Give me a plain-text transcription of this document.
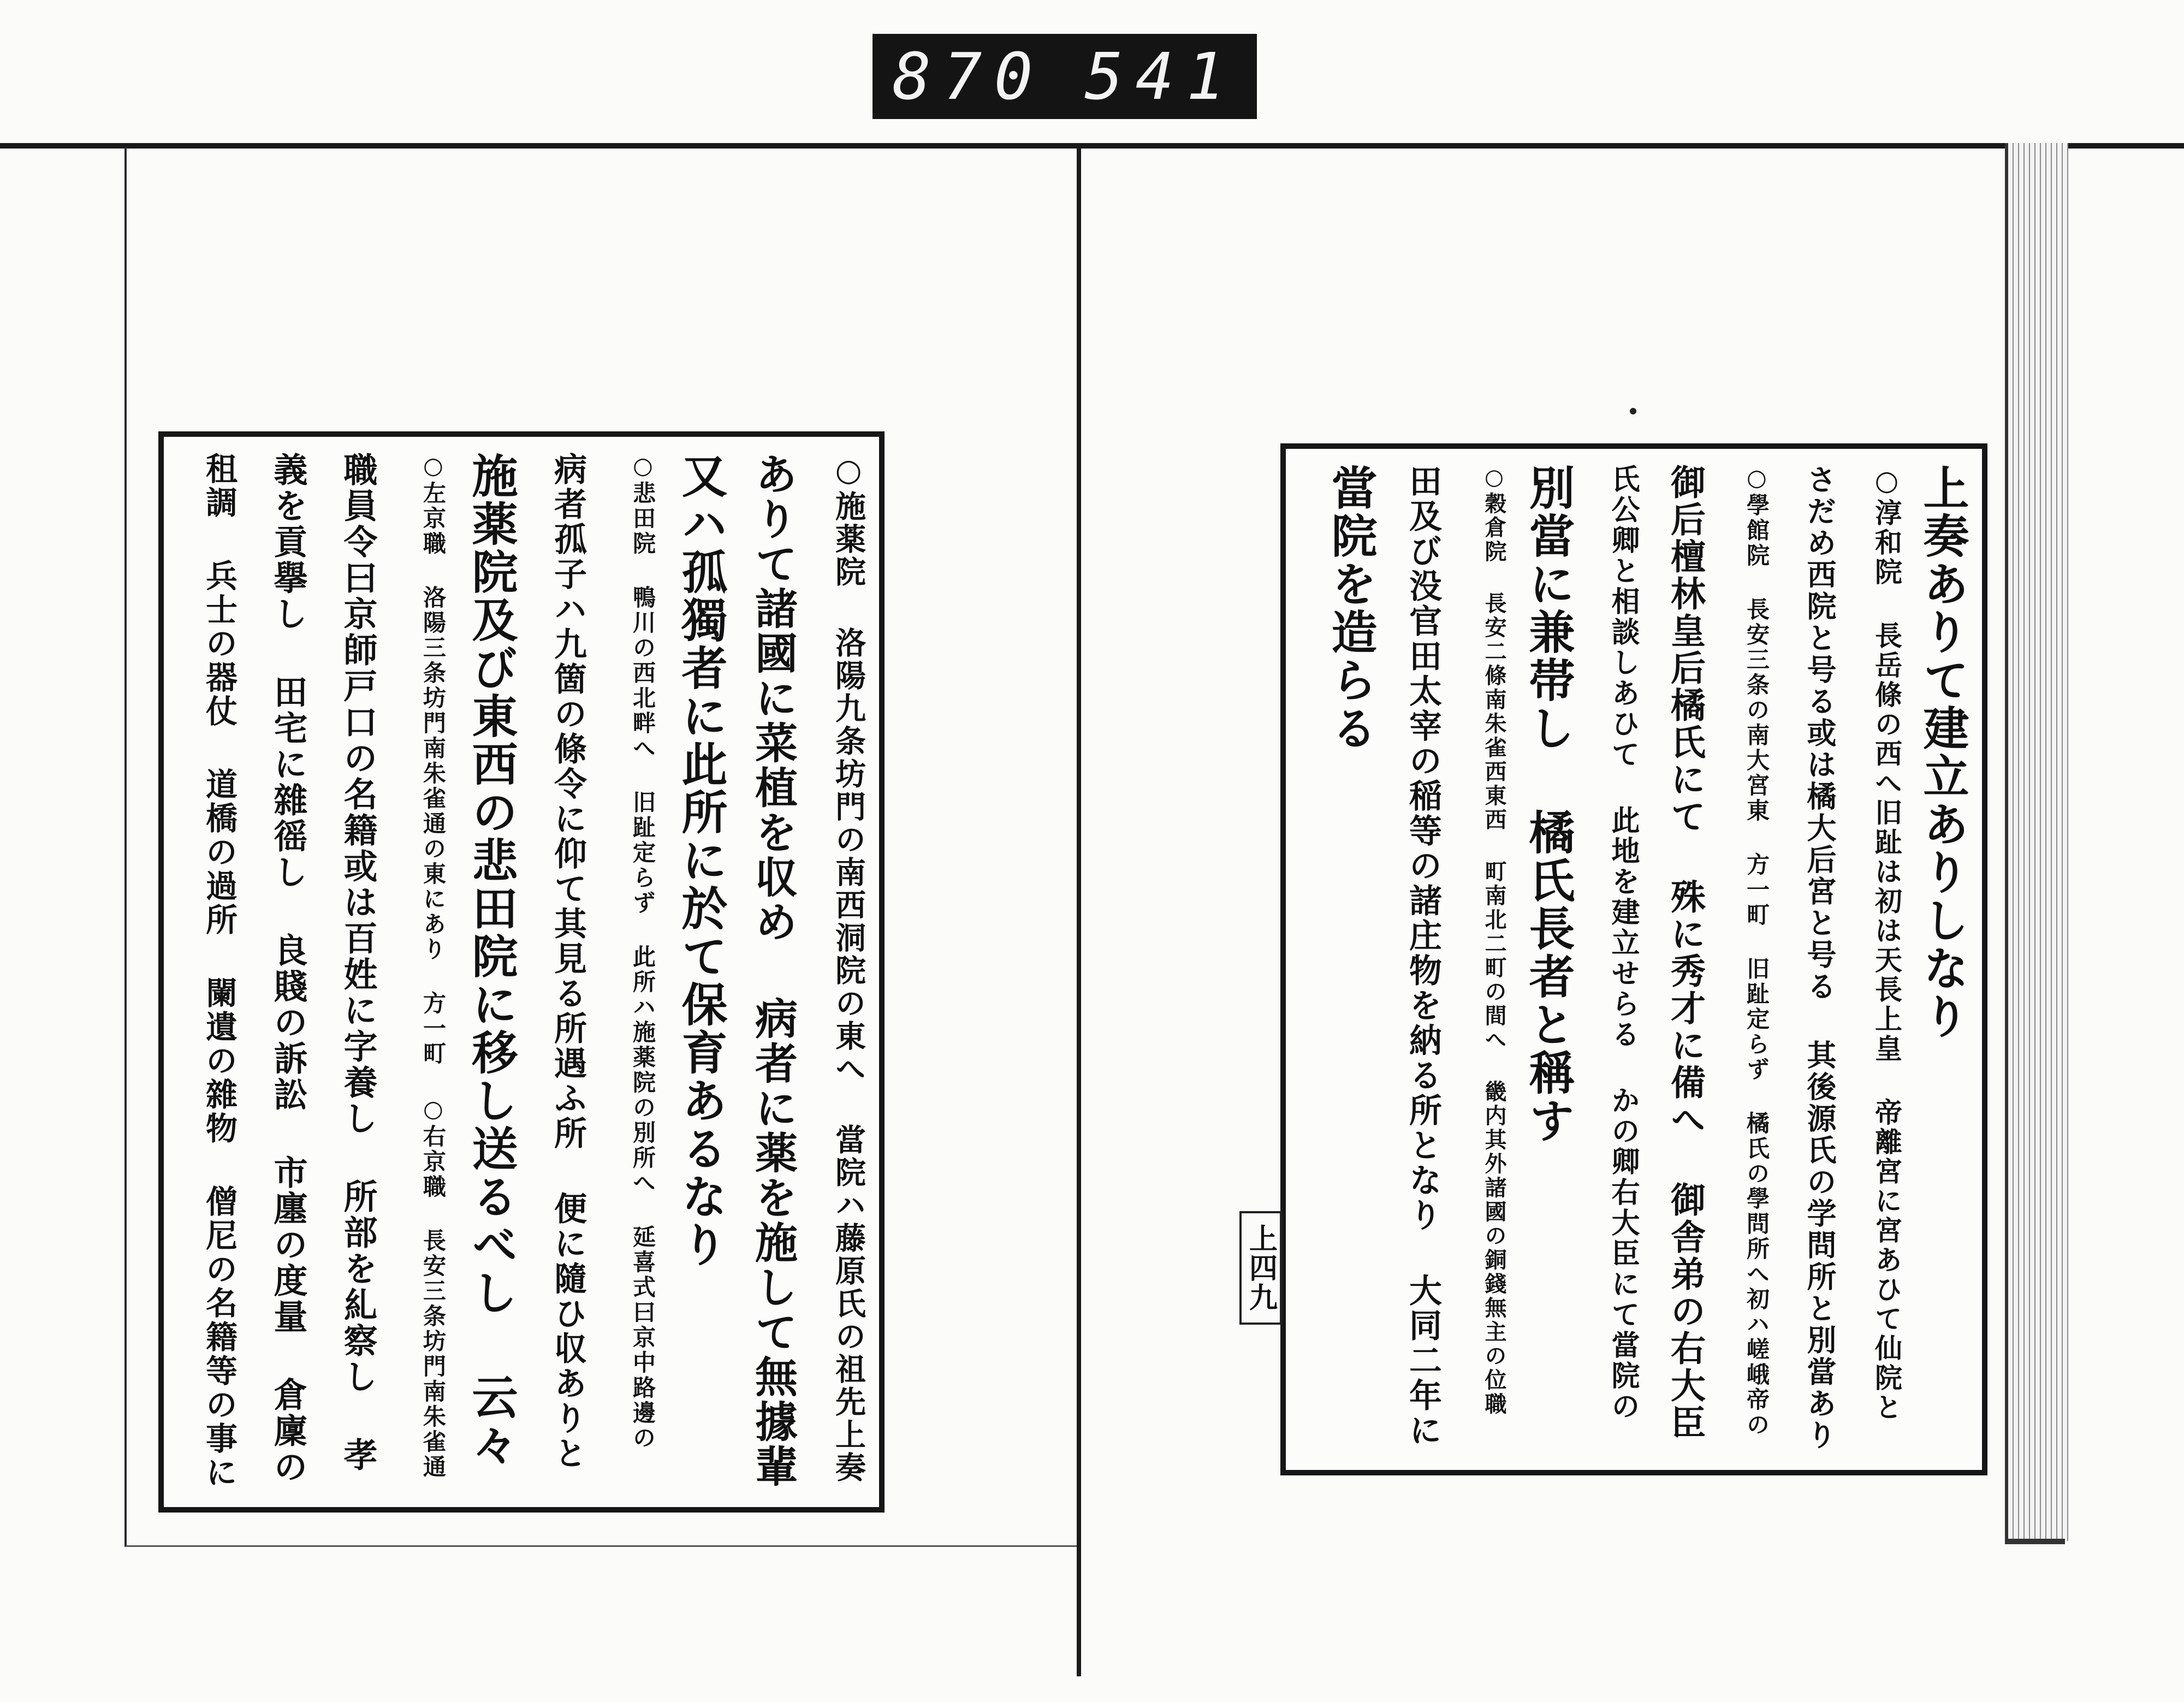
870 541
上奏ありて建立ありしなり
○淳和院 長岳條の西へ旧趾は初は天長上皇 帝離宮に宮あひて仙院と
さだめ西院と号る或は橘大后宮と号る 其後源氏の学問所と別當あり
○學館院 長安三条の南大宮東 方一町 旧趾定らず 橘氏の學問所へ初ハ嵯峨帝の
御后檀林皇后橘氏にて 殊に秀才に備へ 御舎弟の右大臣
氏公卿と相談しあひて 此地を建立せらる かの卿右大臣にて當院の
別當に兼帯し 橘氏長者と稱す
○穀倉院 長安二條南朱雀西東西 町南北二町の間へ 畿内其外諸國の銅錢無主の位職
田及び没官田太宰の稲等の諸庄物を納る所となり 大同二年に
當院を造らる
上四九
○施薬院 洛陽九条坊門の南西洞院の東へ 當院ハ藤原氏の祖先上奏
ありて諸國に菜植を収め 病者に薬を施して無據輩
又ハ孤獨者に此所に於て保育あるなり
○悲田院 鴨川の西北畔へ 旧趾定らず 此所ハ施薬院の別所へ 延喜式曰京中路邊の
病者孤子ハ九箇の條令に仰て其見る所遇ふ所 便に隨ひ収ありと
施薬院及び東西の悲田院に移し送るべし 云々
○左京職 洛陽三条坊門南朱雀通の東にあり 方一町 ○右京職 長安三条坊門南朱雀通
職員令曰京師戸口の名籍或は百姓に字養し 所部を糺察し 孝
義を貢擧し 田宅に雜徭し 良賤の訴訟 市廛の度量 倉廩の
租調 兵士の器仗 道橋の過所 闌遺の雜物 僧尼の名籍等の事に
